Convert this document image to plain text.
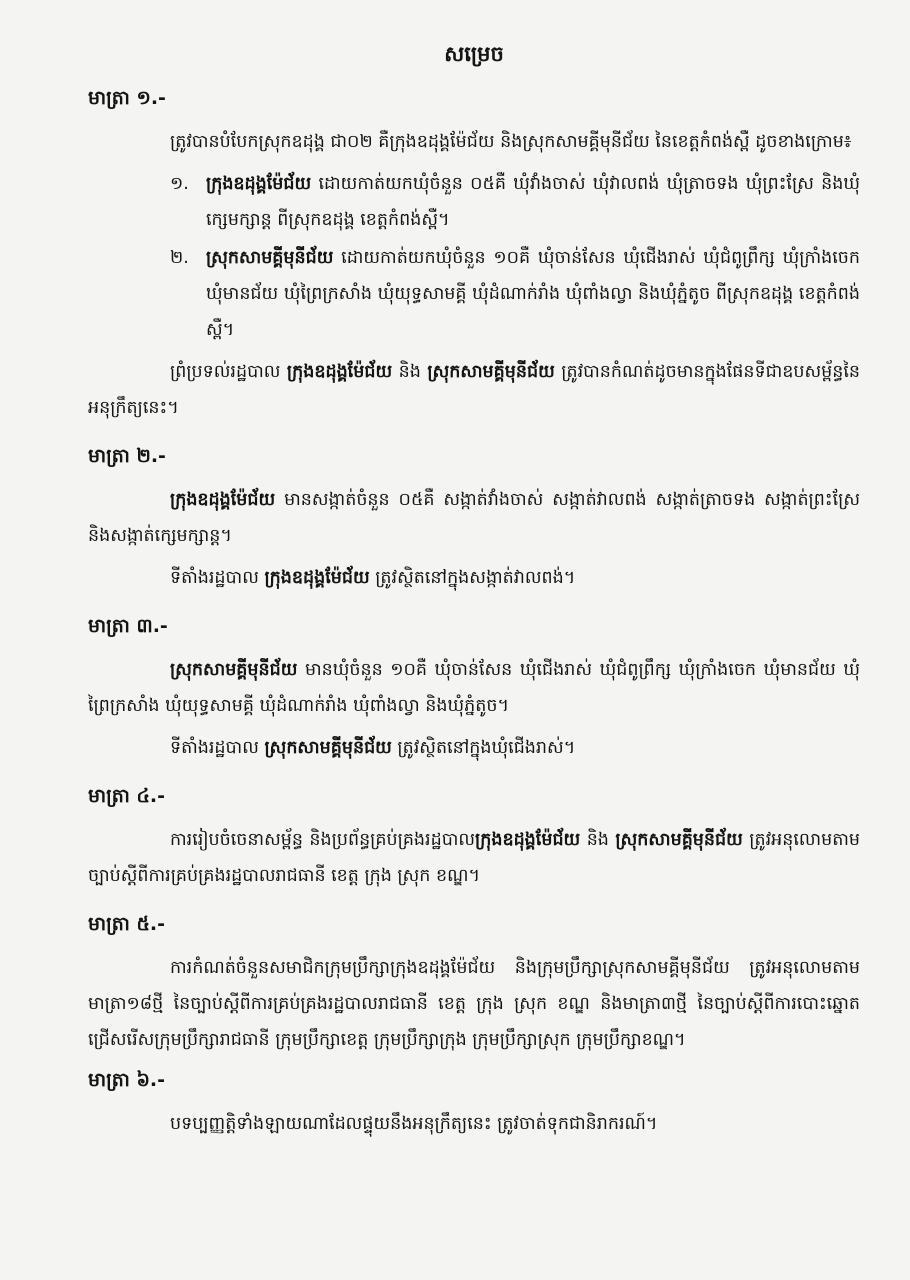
សម្រេច
មាត្រា ១.-

ត្រូវបានបំបែកស្រុកឧដុង្គ ជា០២ គឺក្រុងឧដុង្គម៉ែជ័យ និងស្រុកសាមគ្គីមុនីជ័យ នៃខេត្តកំពង់ស្ពឺ ដូចខាងក្រោម៖

១. ក្រុងឧដុង្គម៉ែជ័យ ដោយកាត់យកឃុំចំនួន ០៥គឺ ឃុំវាំងចាស់ ឃុំវាលពង់ ឃុំត្រាចទង ឃុំព្រះស្រែ និងឃុំក្សេមក្សាន្ត ពីស្រុកឧដុង្គ ខេត្តកំពង់ស្ពឺ។
២. ស្រុកសាមគ្គីមុនីជ័យ ដោយកាត់យកឃុំចំនួន ១០គឺ ឃុំចាន់សែន ឃុំជើងរាស់ ឃុំជំពូព្រឹក្ស ឃុំក្រាំងចេក ឃុំមានជ័យ ឃុំព្រៃក្រសាំង ឃុំយុទ្ធសាមគ្គី ឃុំដំណាក់រាំង ឃុំពាំងល្វា និងឃុំភ្នំតូច ពីស្រុកឧដុង្គ ខេត្តកំពង់ស្ពឺ។

ព្រំប្រទល់រដ្ឋបាល ក្រុងឧដុង្គម៉ែជ័យ និង ស្រុកសាមគ្គីមុនីជ័យ ត្រូវបានកំណត់ដូចមានក្នុងផែនទីជាឧបសម្ព័ន្ធនៃអនុក្រឹត្យនេះ។

មាត្រា ២.-

ក្រុងឧដុង្គម៉ែជ័យ មានសង្កាត់ចំនួន ០៥គឺ សង្កាត់វាំងចាស់ សង្កាត់វាលពង់ សង្កាត់ត្រាចទង សង្កាត់ព្រះស្រែ និងសង្កាត់ក្សេមក្សាន្ត។

ទីតាំងរដ្ឋបាល ក្រុងឧដុង្គម៉ែជ័យ ត្រូវស្ថិតនៅក្នុងសង្កាត់វាលពង់។

មាត្រា ៣.-

ស្រុកសាមគ្គីមុនីជ័យ មានឃុំចំនួន ១០គឺ ឃុំចាន់សែន ឃុំជើងរាស់ ឃុំជំពូព្រឹក្ស ឃុំក្រាំងចេក ឃុំមានជ័យ ឃុំព្រៃក្រសាំង ឃុំយុទ្ធសាមគ្គី ឃុំដំណាក់រាំង ឃុំពាំងល្វា និងឃុំភ្នំតូច។

ទីតាំងរដ្ឋបាល ស្រុកសាមគ្គីមុនីជ័យ ត្រូវស្ថិតនៅក្នុងឃុំជើងរាស់។

មាត្រា ៤.-

ការរៀបចំចេនាសម្ព័ន្ធ និងប្រព័ន្ធគ្រប់គ្រងរដ្ឋបាលក្រុងឧដុង្គម៉ែជ័យ និង ស្រុកសាមគ្គីមុនីជ័យ ត្រូវអនុលោមតាមច្បាប់ស្តីពីការគ្រប់គ្រងរដ្ឋបាលរាជធានី ខេត្ត ក្រុង ស្រុក ខណ្ឌ។

មាត្រា ៥.-

ការកំណត់ចំនួនសមាជិកក្រុមប្រឹក្សាក្រុងឧដុង្គម៉ែជ័យ និងក្រុមប្រឹក្សាស្រុកសាមគ្គីមុនីជ័យ ត្រូវអនុលោមតាមមាត្រា១៨ថ្មី នៃច្បាប់ស្តីពីការគ្រប់គ្រងរដ្ឋបាលរាជធានី ខេត្ត ក្រុង ស្រុក ខណ្ឌ និងមាត្រា៣ថ្មី នៃច្បាប់ស្តីពីការបោះឆ្នោតជ្រើសរើសក្រុមប្រឹក្សារាជធានី ក្រុមប្រឹក្សាខេត្ត ក្រុមប្រឹក្សាក្រុង ក្រុមប្រឹក្សាស្រុក ក្រុមប្រឹក្សាខណ្ឌ។

មាត្រា ៦.-

បទប្បញ្ញត្តិទាំងឡាយណាដែលផ្ទុយនឹងអនុក្រឹត្យនេះ ត្រូវចាត់ទុកជានិរាករណ៍។
